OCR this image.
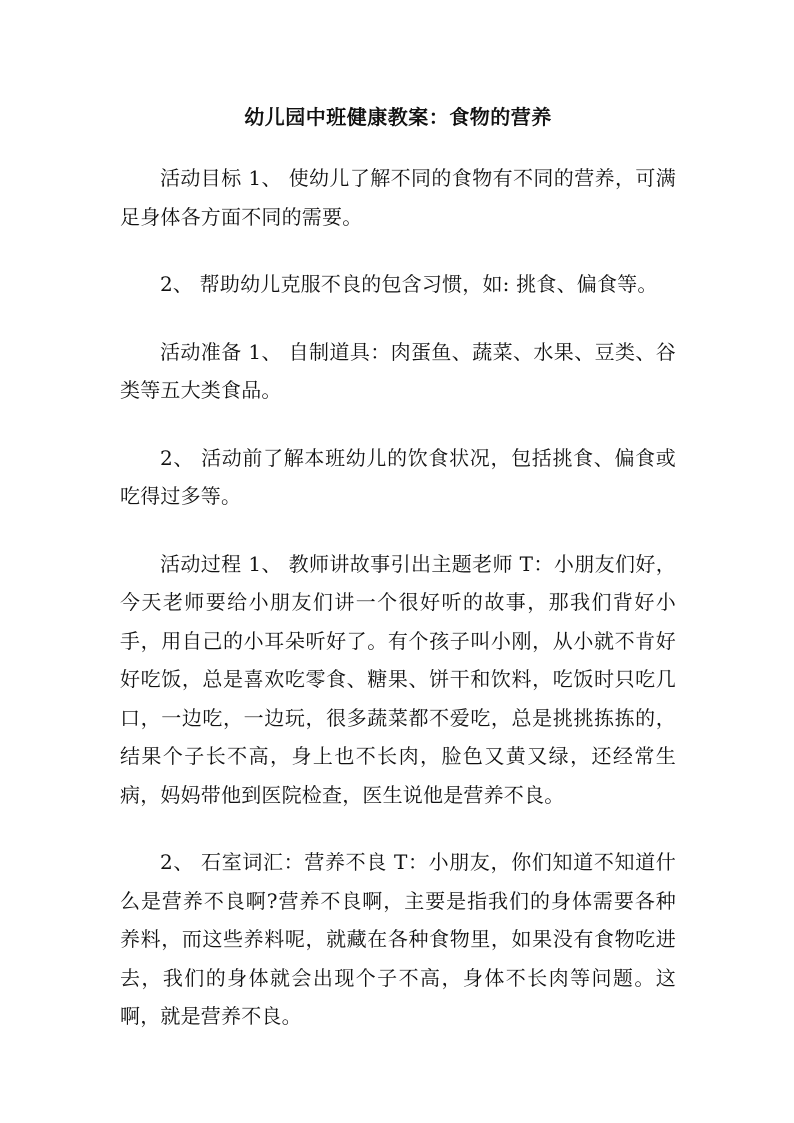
幼儿园中班健康教案：食物的营养

活动目标 1、 使幼儿了解不同的食物有不同的营养，可满足身体各方面不同的需要。

2、 帮助幼儿克服不良的包含习惯，如: 挑食、偏食等。

活动准备 1、 自制道具：肉蛋鱼、蔬菜、水果、豆类、谷类等五大类食品。

2、 活动前了解本班幼儿的饮食状况，包括挑食、偏食或吃得过多等。

活动过程 1、 教师讲故事引出主题老师 T：小朋友们好，今天老师要给小朋友们讲一个很好听的故事，那我们背好小手，用自己的小耳朵听好了。有个孩子叫小刚，从小就不肯好好吃饭，总是喜欢吃零食、糖果、饼干和饮料，吃饭时只吃几口，一边吃，一边玩，很多蔬菜都不爱吃，总是挑挑拣拣的，结果个子长不高，身上也不长肉，脸色又黄又绿，还经常生病，妈妈带他到医院检查，医生说他是营养不良。

2、 石室词汇：营养不良 T：小朋友，你们知道不知道什么是营养不良啊?营养不良啊，主要是指我们的身体需要各种养料，而这些养料呢，就藏在各种食物里，如果没有食物吃进去，我们的身体就会出现个子不高，身体不长肉等问题。这啊，就是营养不良。
